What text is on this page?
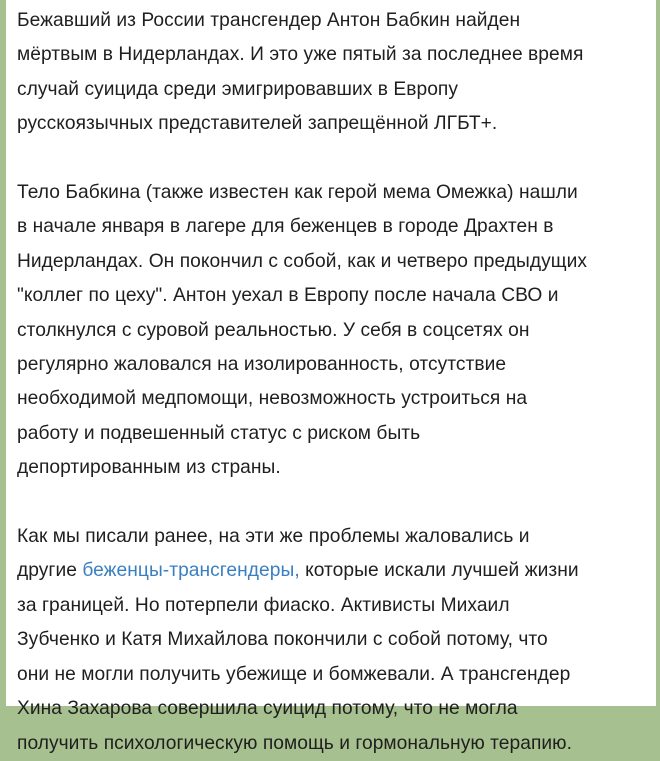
Бежавший из России трансгендер Антон Бабкин найден
мёртвым в Нидерландах. И это уже пятый за последнее время
случай суицида среди эмигрировавших в Европу
русскоязычных представителей запрещённой ЛГБТ+.
Тело Бабкина (также известен как герой мема Омежка) нашли
в начале января в лагере для беженцев в городе Драхтен в
Нидерландах. Он покончил с собой, как и четверо предыдущих
"коллег по цеху". Антон уехал в Европу после начала СВО и
столкнулся с суровой реальностью. У себя в соцсетях он
регулярно жаловался на изолированность, отсутствие
необходимой медпомощи, невозможность устроиться на
работу и подвешенный статус с риском быть
депортированным из страны.
Как мы писали ранее, на эти же проблемы жаловались и
другие беженцы-трансгендеры, которые искали лучшей жизни
за границей. Но потерпели фиаско. Активисты Михаил
Зубченко и Катя Михайлова покончили с собой потому, что
они не могли получить убежище и бомжевали. А трансгендер
Хина Захарова совершила суицид потому, что не могла
получить психологическую помощь и гормональную терапию.
